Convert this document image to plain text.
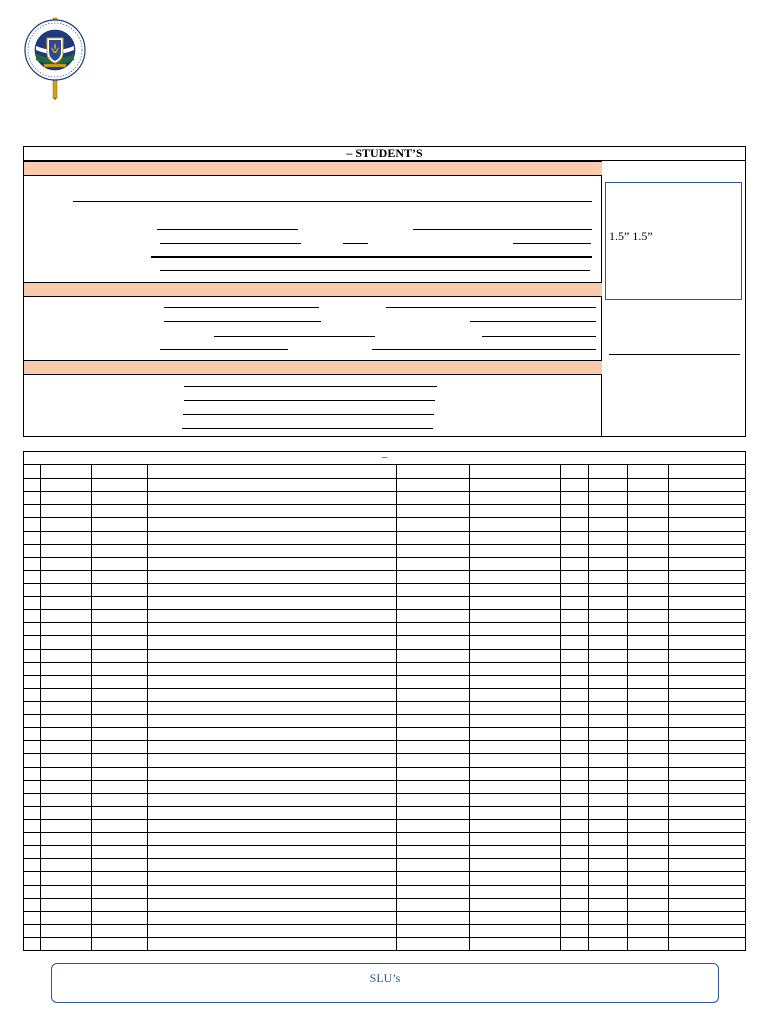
– STUDENT’S
1.5” 1.5”
–
SLU’s
